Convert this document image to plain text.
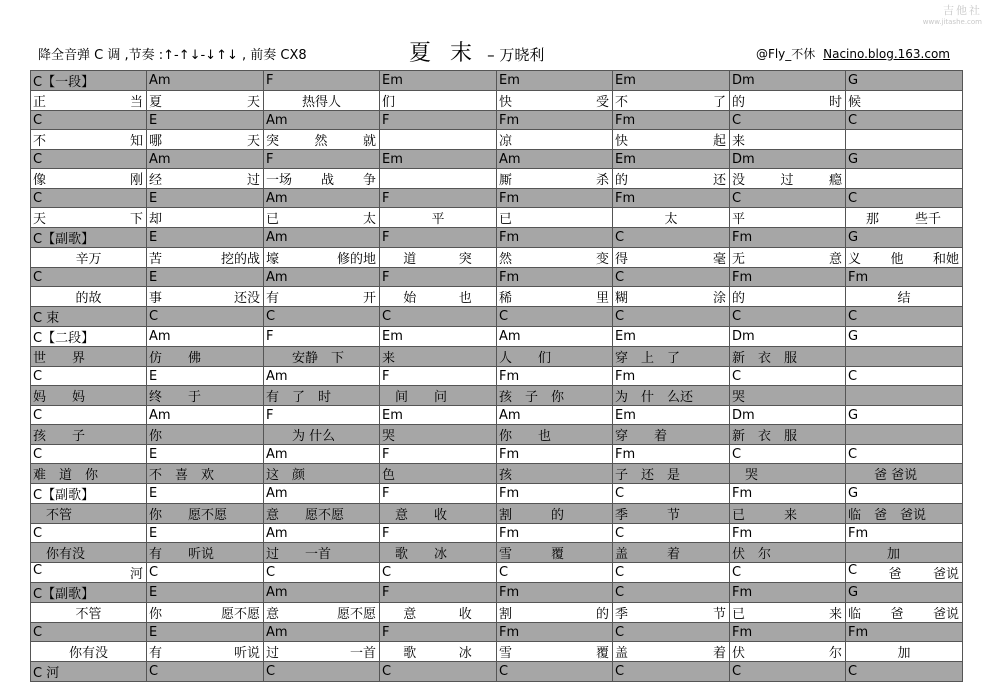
吉他社
www.jitashe.com
降全音弹 C 调 ,节奏 :↑-↑↓-↓↑↓ , 前奏 CX8	夏 末 – 万晓利	@Fly_不休 Nacino.blog.163.com
C【一段】	Am	F	Em	Em	Em	Dm	G

正 当	夏 天	热得人	们	快 受	不 了	的 时	候
C	E	Am	F	Fm	Fm	C	C

不 知	哪 天	突 然 就		凉	快 起	来	
C	Am	F	Em	Am	Em	Dm	G

像 刚	经 过	一场 战 争		厮 杀	的 还	没 过 瘾	

C	E	Am	F	Fm	Fm	C	C

天 下	却	已 太	平	已	太	平	那 些千

C【副歌】	E	Am	F	Fm	C	Fm	G
辛万	苦 挖的战	壕 修的地	道 突	然 变	得 毫	无 意	义 他 和她

C	E	Am	F	Fm	C	Fm	Fm
的故	事 还没	有 开	始 也	稀 里	糊 涂	的	结
C 束	C	C	C	C	C	C	C
C【二段】	Am	F	Em	Am	Em	Dm	G
世　　界	仿　　佛	　　安静　下	来	人　　们	穿　上　了	新　衣　服	
C	E	Am	F	Fm	Fm	C	C
妈　　妈	终　　于	有　了　时	　间　　问	孩　子　你	为　什　么还	哭	
C	Am	F	Em	Am	Em	Dm	G
孩　　子	你	　　为 什么	哭	你　　也	穿　　着	新　衣　服	
C	E	Am	F	Fm	Fm	C	C
难　道　你	不　喜　欢	这　颜	色	孩	子　还　是	　哭	　　爸 爸说
C【副歌】	E	Am	F	Fm	C	Fm	G
　不管	你　　愿不愿	意　　愿不愿	　意　　收	割　　　的	季　　　节	已　　　来	临　爸　爸说
C	E	Am	F	Fm	C	Fm	Fm
　你有没	有　　听说	过　　一首	　歌　　冰	雪　　　覆	盖　　　着	伏　尔	　　　加

C 河	C	C	C	C	C	C	C 爸 爸说

C【副歌】	E	Am	F	Fm	C	Fm	G
不管	你 愿不愿	意 愿不愿	意 收	割 的	季 节	已 来	临 爸 爸说

C	E	Am	F	Fm	C	Fm	Fm
你有没	有 听说	过 一首	歌 冰	雪 覆	盖 着	伏 尔	加
C 河	C	C	C	C	C	C	C
